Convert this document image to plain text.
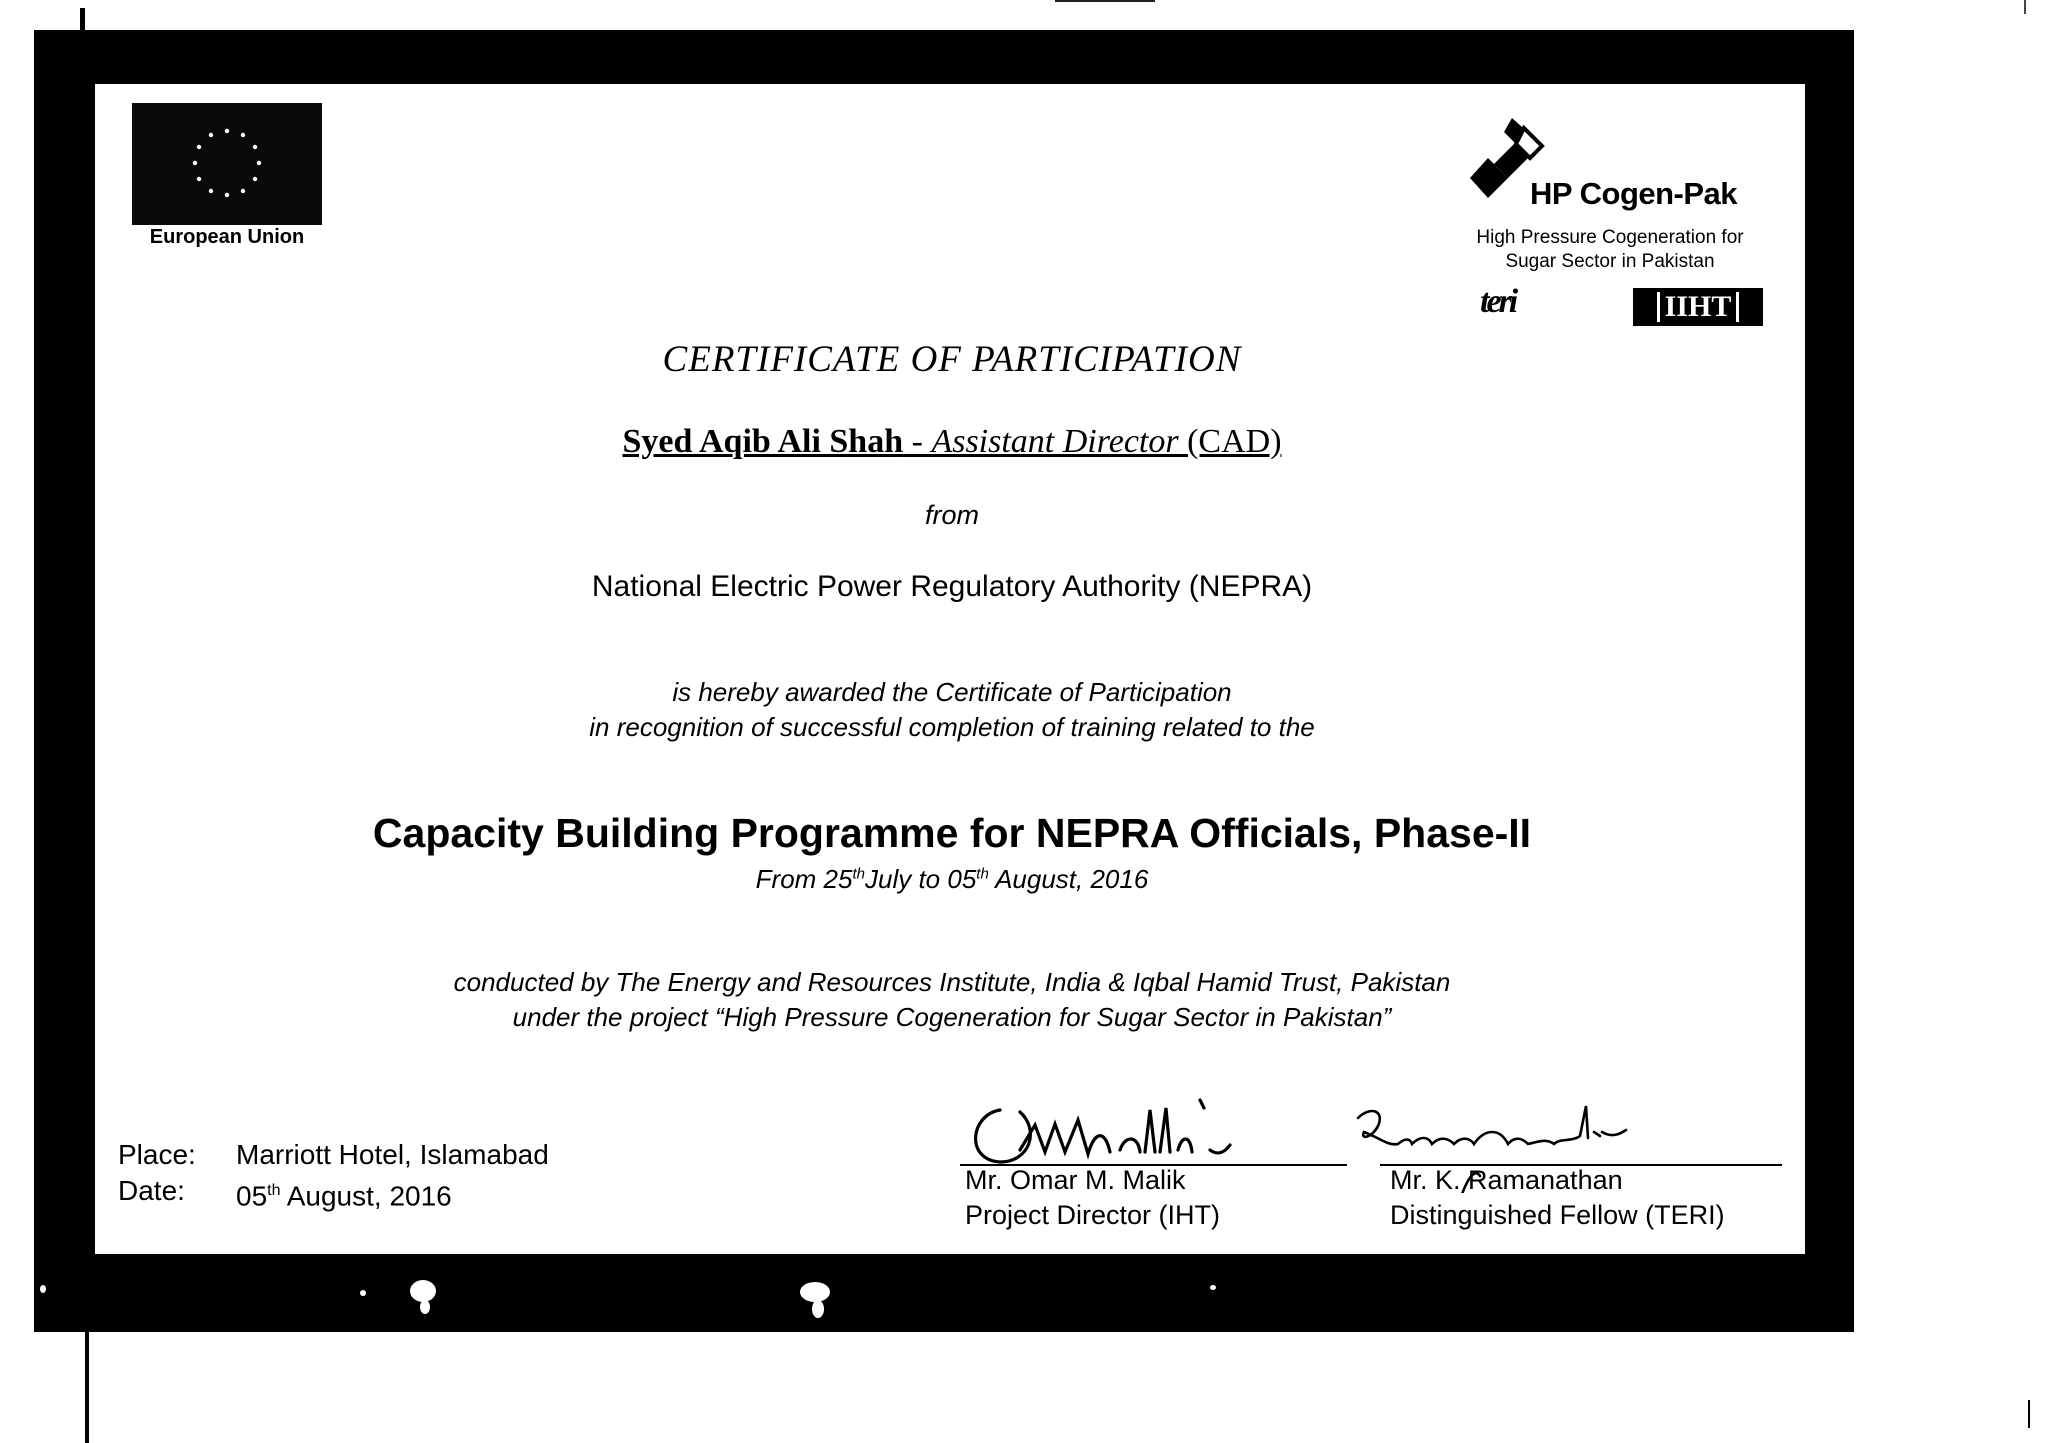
European Union
HP Cogen-Pak
High Pressure Cogeneration for
Sugar Sector in Pakistan
teri	IIHT
CERTIFICATE OF PARTICIPATION
Syed Aqib Ali Shah - Assistant Director (CAD)
from
National Electric Power Regulatory Authority (NEPRA)
is hereby awarded the Certificate of Participation
in recognition of successful completion of training related to the
Capacity Building Programme for NEPRA Officials, Phase-II
From 25thJuly to 05th August, 2016
conducted by The Energy and Resources Institute, India & Iqbal Hamid Trust, Pakistan
under the project “High Pressure Cogeneration for Sugar Sector in Pakistan”
Place:	Marriott Hotel, Islamabad
Date:	05th August, 2016
Mr. Omar M. Malik
Project Director (IHT)
Mr. K. Ramanathan
Distinguished Fellow (TERI)
